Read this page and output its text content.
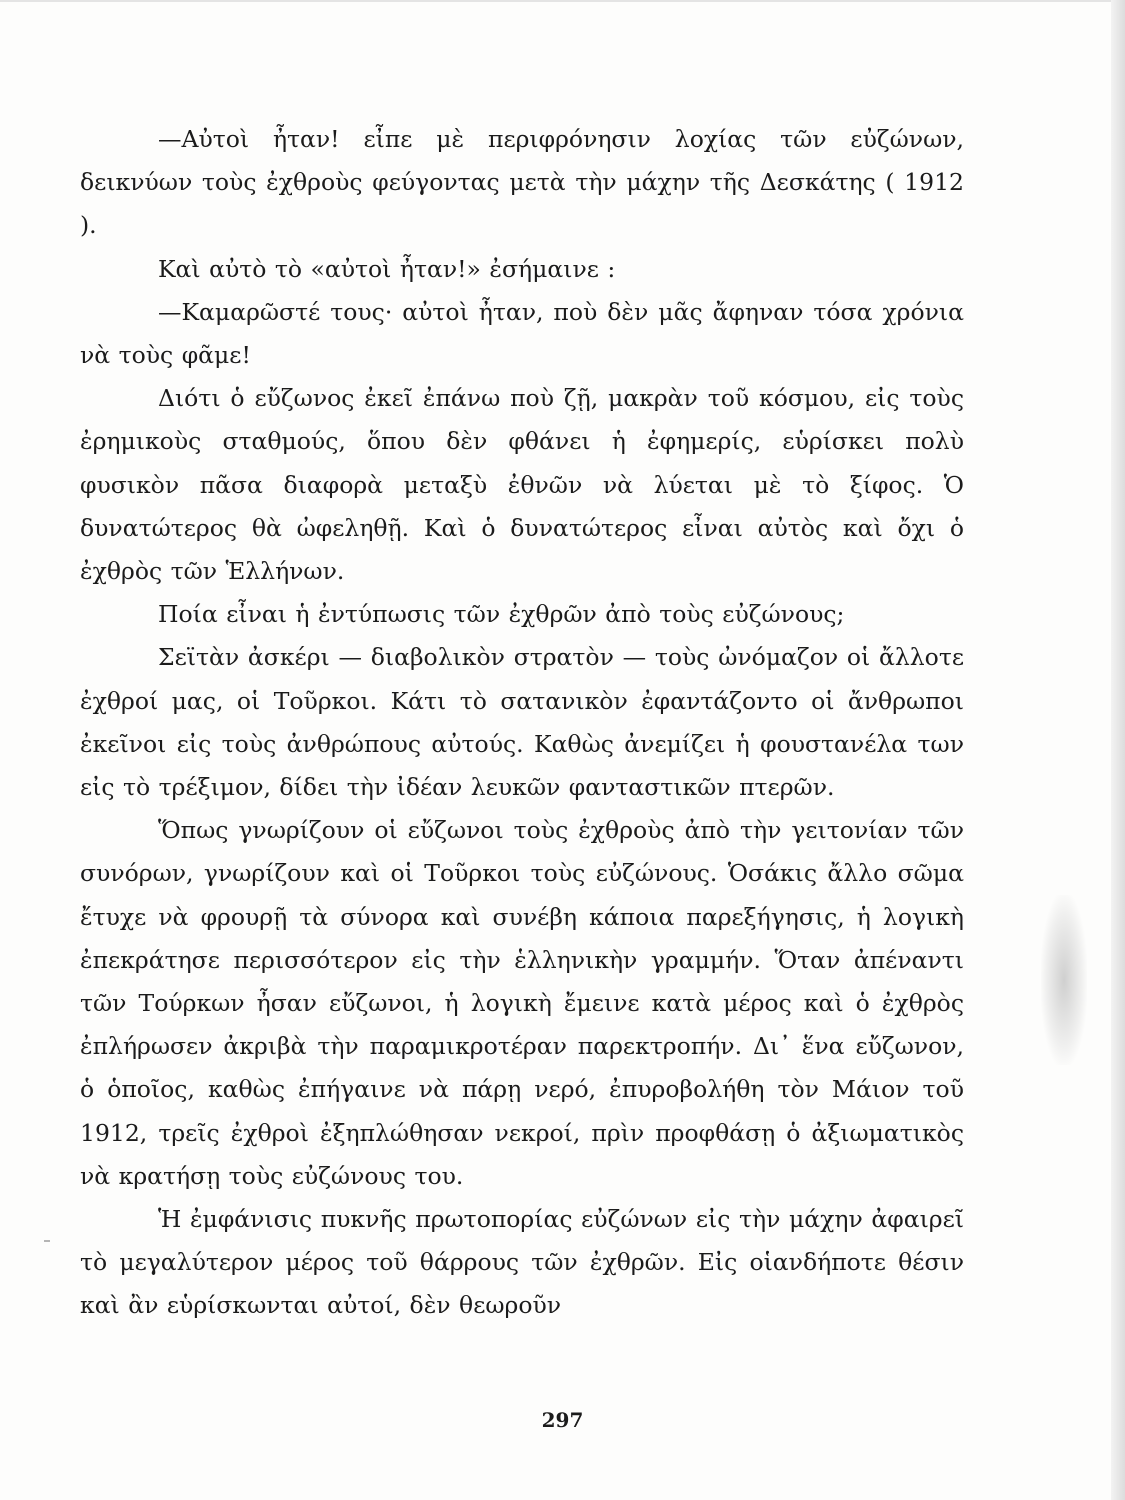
—Αὐτοὶ ἦταν! εἶπε μὲ περιφρόνησιν λοχίας τῶν εὐζώνων, δεικνύων τοὺς ἐχθροὺς φεύγοντας μετὰ τὴν μάχην τῆς Δεσκάτης ( 1912 ).

Καὶ αὐτὸ τὸ «αὐτοὶ ἦταν!» ἐσήμαινε :

—Καμαρῶστέ τους· αὐτοὶ ἦταν, ποὺ δὲν μᾶς ἄφηναν τόσα χρόνια νὰ τοὺς φᾶμε!

Διότι ὁ εὔζωνος ἐκεῖ ἐπάνω ποὺ ζῇ, μακρὰν τοῦ κόσμου, εἰς τοὺς ἐρημικοὺς σταθμούς, ὅπου δὲν φθάνει ἡ ἐφημερίς, εὑρίσκει πολὺ φυσικὸν πᾶσα διαφορὰ μεταξὺ ἐθνῶν νὰ λύεται μὲ τὸ ξίφος. Ὁ δυνατώτερος θὰ ὠφεληθῇ. Καὶ ὁ δυνατώτερος εἶναι αὐτὸς καὶ ὄχι ὁ ἐχθρὸς τῶν Ἑλλήνων.

Ποία εἶναι ἡ ἐντύπωσις τῶν ἐχθρῶν ἀπὸ τοὺς εὐζώνους;

Σεϊτὰν ἀσκέρι — διαβολικὸν στρατὸν — τοὺς ὠνόμαζον οἱ ἄλλοτε ἐχθροί μας, οἱ Τοῦρκοι. Κάτι τὸ σατανικὸν ἐφαντάζοντο οἱ ἄνθρωποι ἐκεῖνοι εἰς τοὺς ἀνθρώπους αὐτούς. Καθὼς ἀνεμίζει ἡ φουστανέλα των εἰς τὸ τρέξιμον, δίδει τὴν ἰδέαν λευκῶν φανταστικῶν πτερῶν.

Ὅπως γνωρίζουν οἱ εὔζωνοι τοὺς ἐχθροὺς ἀπὸ τὴν γειτονίαν τῶν συνόρων, γνωρίζουν καὶ οἱ Τοῦρκοι τοὺς εὐζώνους. Ὁσάκις ἄλλο σῶμα ἔτυχε νὰ φρουρῇ τὰ σύνορα καὶ συνέβη κάποια παρεξήγησις, ἡ λογικὴ ἐπεκράτησε περισσότερον εἰς τὴν ἑλληνικὴν γραμμήν. Ὅταν ἀπέναντι τῶν Τούρκων ἦσαν εὔζωνοι, ἡ λογικὴ ἔμεινε κατὰ μέρος καὶ ὁ ἐχθρὸς ἐπλήρωσεν ἀκριβὰ τὴν παραμικροτέραν παρεκτροπήν. Δι᾽ ἕνα εὔζωνον, ὁ ὁποῖος, καθὼς ἐπήγαινε νὰ πάρῃ νερό, ἐπυροβολήθη τὸν Μάιον τοῦ 1912, τρεῖς ἐχθροὶ ἐξηπλώθησαν νεκροί, πρὶν προφθάσῃ ὁ ἀξιωματικὸς νὰ κρατήσῃ τοὺς εὐζώνους του.

Ἡ ἐμφάνισις πυκνῆς πρωτοπορίας εὐζώνων εἰς τὴν μάχην ἀφαιρεῖ τὸ μεγαλύτερον μέρος τοῦ θάρρους τῶν ἐχθρῶν. Εἰς οἱανδήποτε θέσιν καὶ ἂν εὑρίσκωνται αὐτοί, δὲν θεωροῦν

297
